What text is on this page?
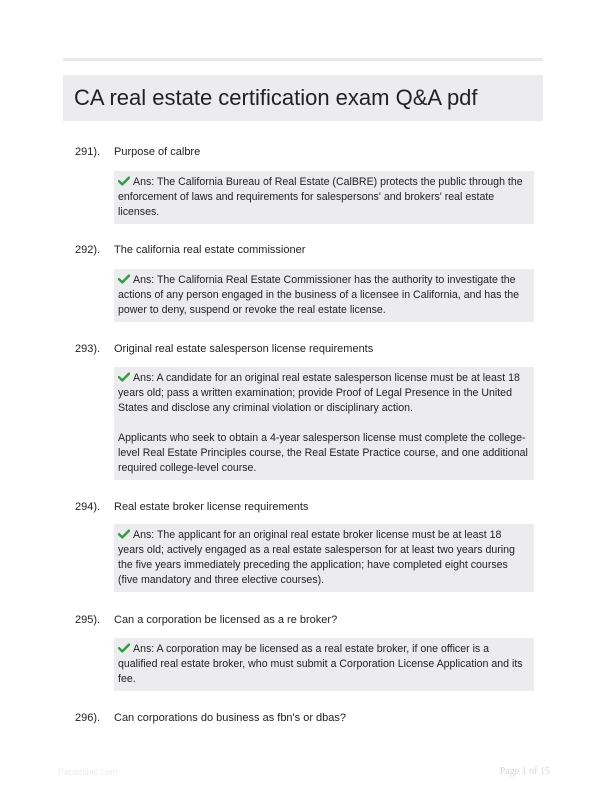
CA real estate certification exam Q&A pdf
291). Purpose of calbre

Ans: The California Bureau of Real Estate (CalBRE) protects the public through the enforcement of laws and requirements for salespersons' and brokers' real estate licenses.

292). The california real estate commissioner

Ans: The California Real Estate Commissioner has the authority to investigate the actions of any person engaged in the business of a licensee in California, and has the power to deny, suspend or revoke the real estate license.

293). Original real estate salesperson license requirements

Ans: A candidate for an original real estate salesperson license must be at least 18 years old; pass a written examination; provide Proof of Legal Presence in the United States and disclose any criminal violation or disciplinary action.

Applicants who seek to obtain a 4-year salesperson license must complete the college-level Real Estate Principles course, the Real Estate Practice course, and one additional required college-level course.

294). Real estate broker license requirements

Ans: The applicant for an original real estate broker license must be at least 18 years old; actively engaged as a real estate salesperson for at least two years during the five years immediately preceding the application; have completed eight courses (five mandatory and three elective courses).

295). Can a corporation be licensed as a re broker?

Ans: A corporation may be licensed as a real estate broker, if one officer is a qualified real estate broker, who must submit a Corporation License Application and its fee.

296). Can corporations do business as fbn's or dbas?
Papertibic.com	Page 1 of 15
